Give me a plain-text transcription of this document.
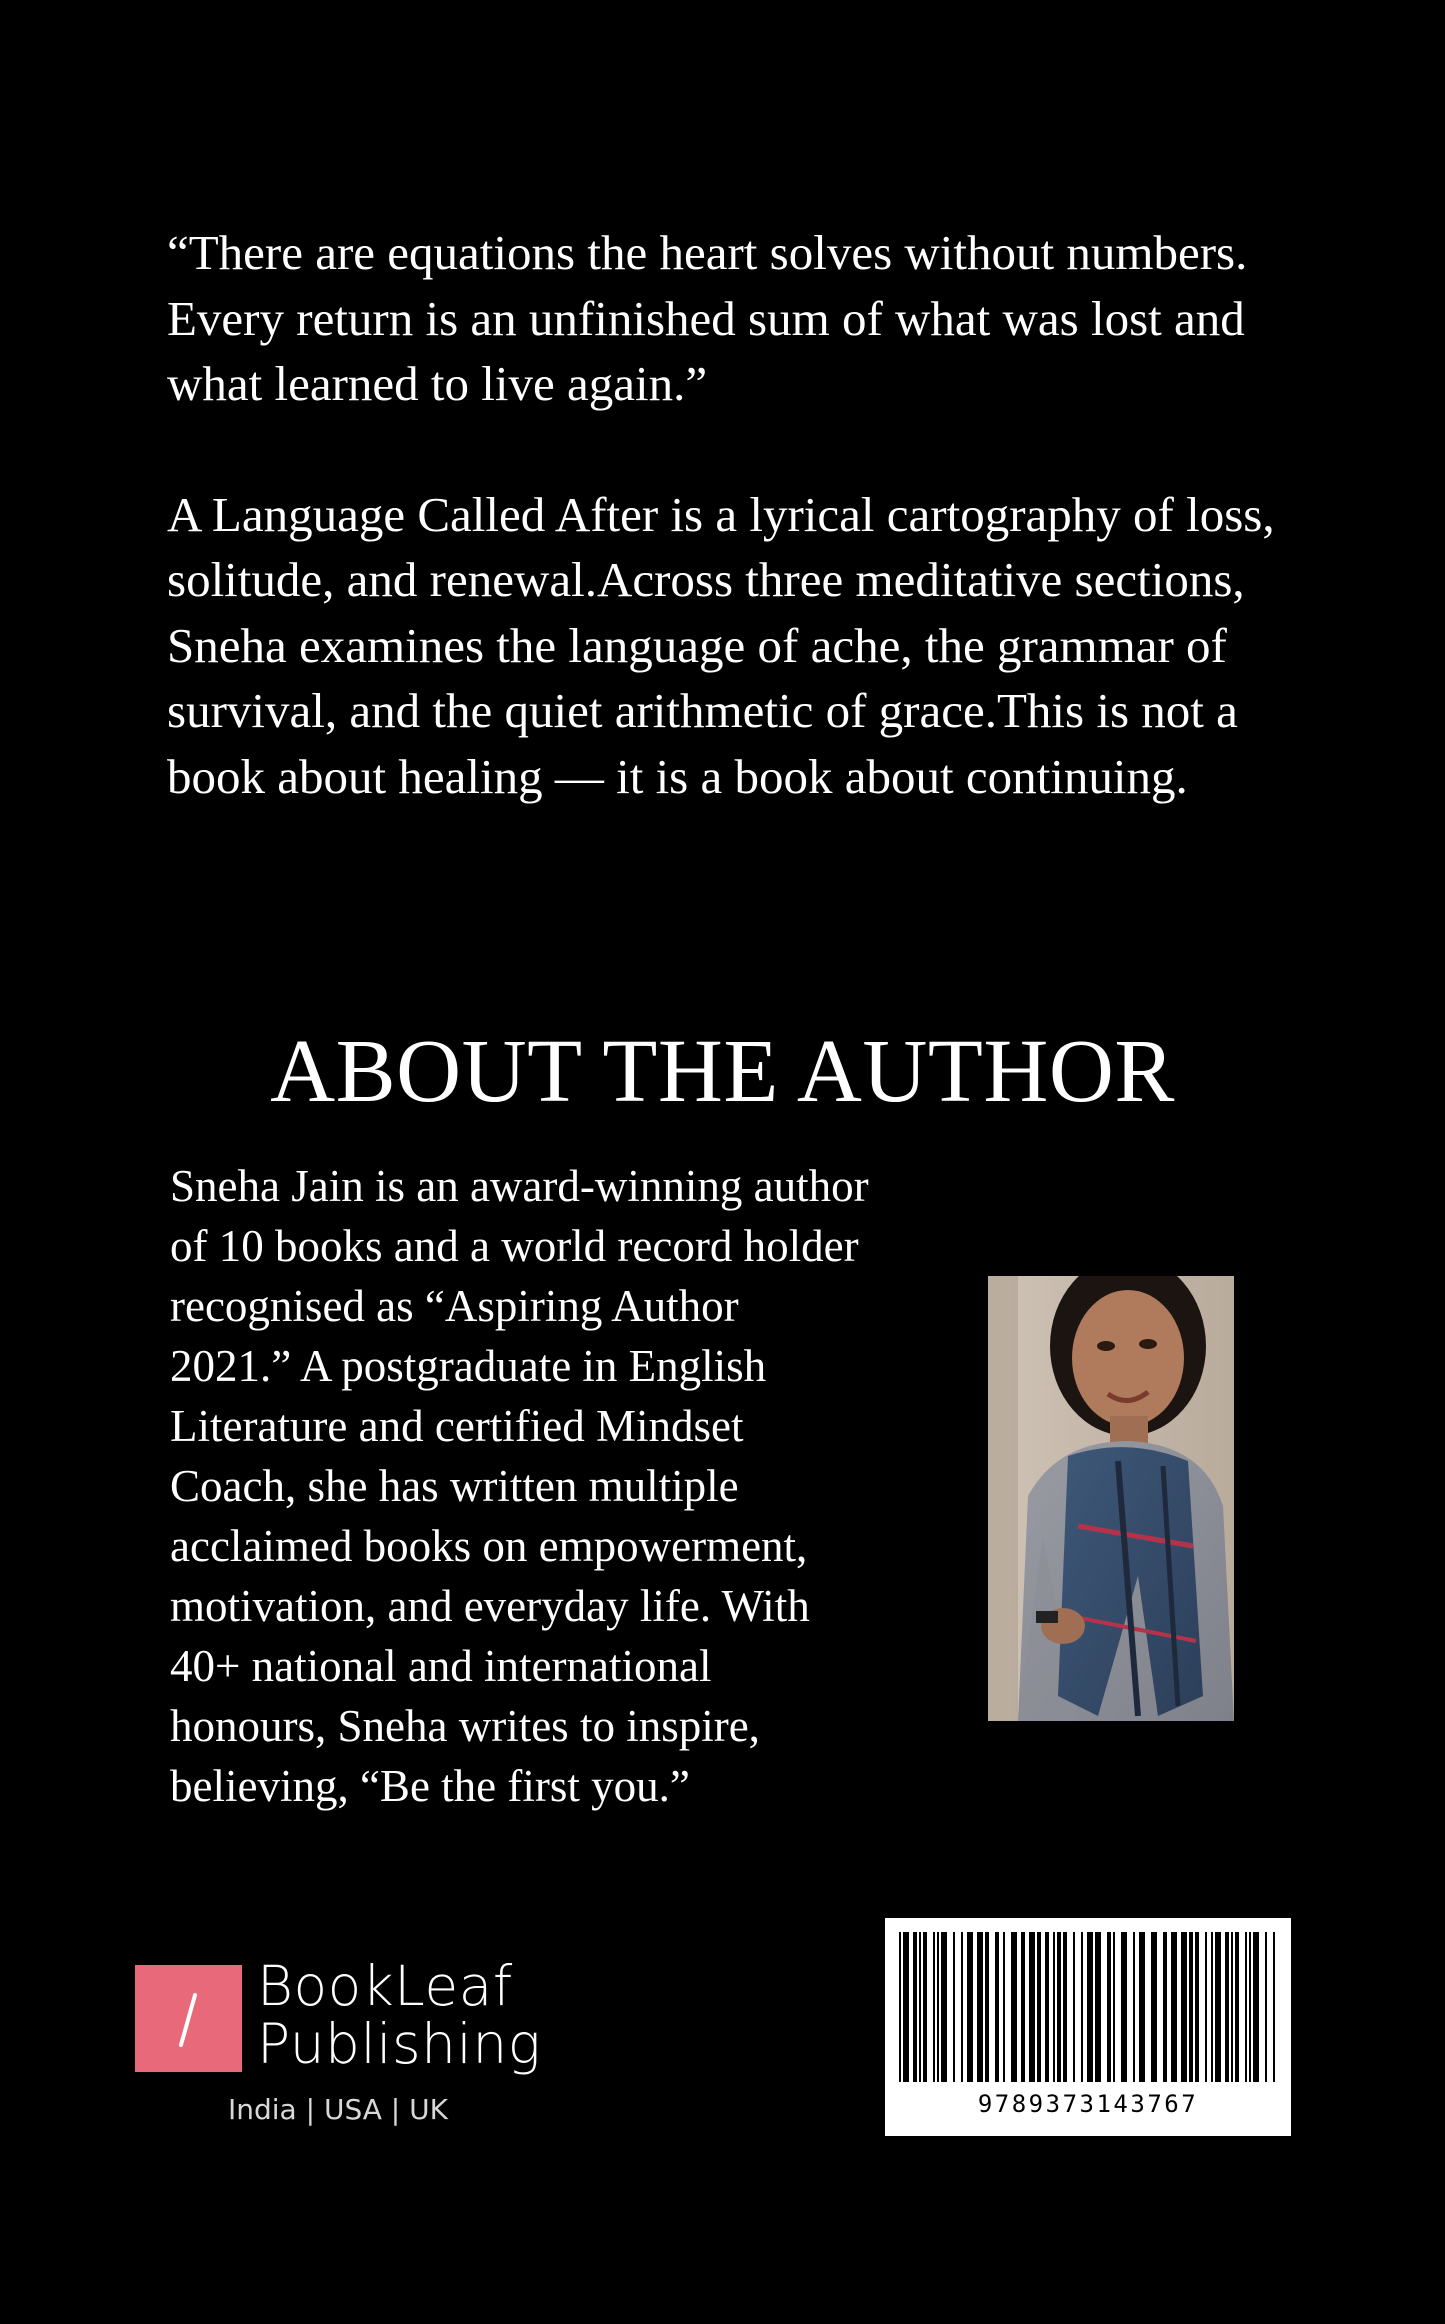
“There are equations the heart solves without numbers. Every return is an unfinished sum of what was lost and what learned to live again.”

A Language Called After is a lyrical cartography of loss, solitude, and renewal.Across three meditative sections, Sneha examines the language of ache, the grammar of survival, and the quiet arithmetic of grace.This is not a book about healing — it is a book about continuing.

ABOUT THE AUTHOR

Sneha Jain is an award-winning author of 10 books and a world record holder recognised as “Aspiring Author 2021.” A postgraduate in English Literature and certified Mindset Coach, she has written multiple acclaimed books on empowerment, motivation, and everyday life. With 40+ national and international honours, Sneha writes to inspire, believing, “Be the first you.”

BookLeaf
Publishing
India | USA | UK	9789373143767
